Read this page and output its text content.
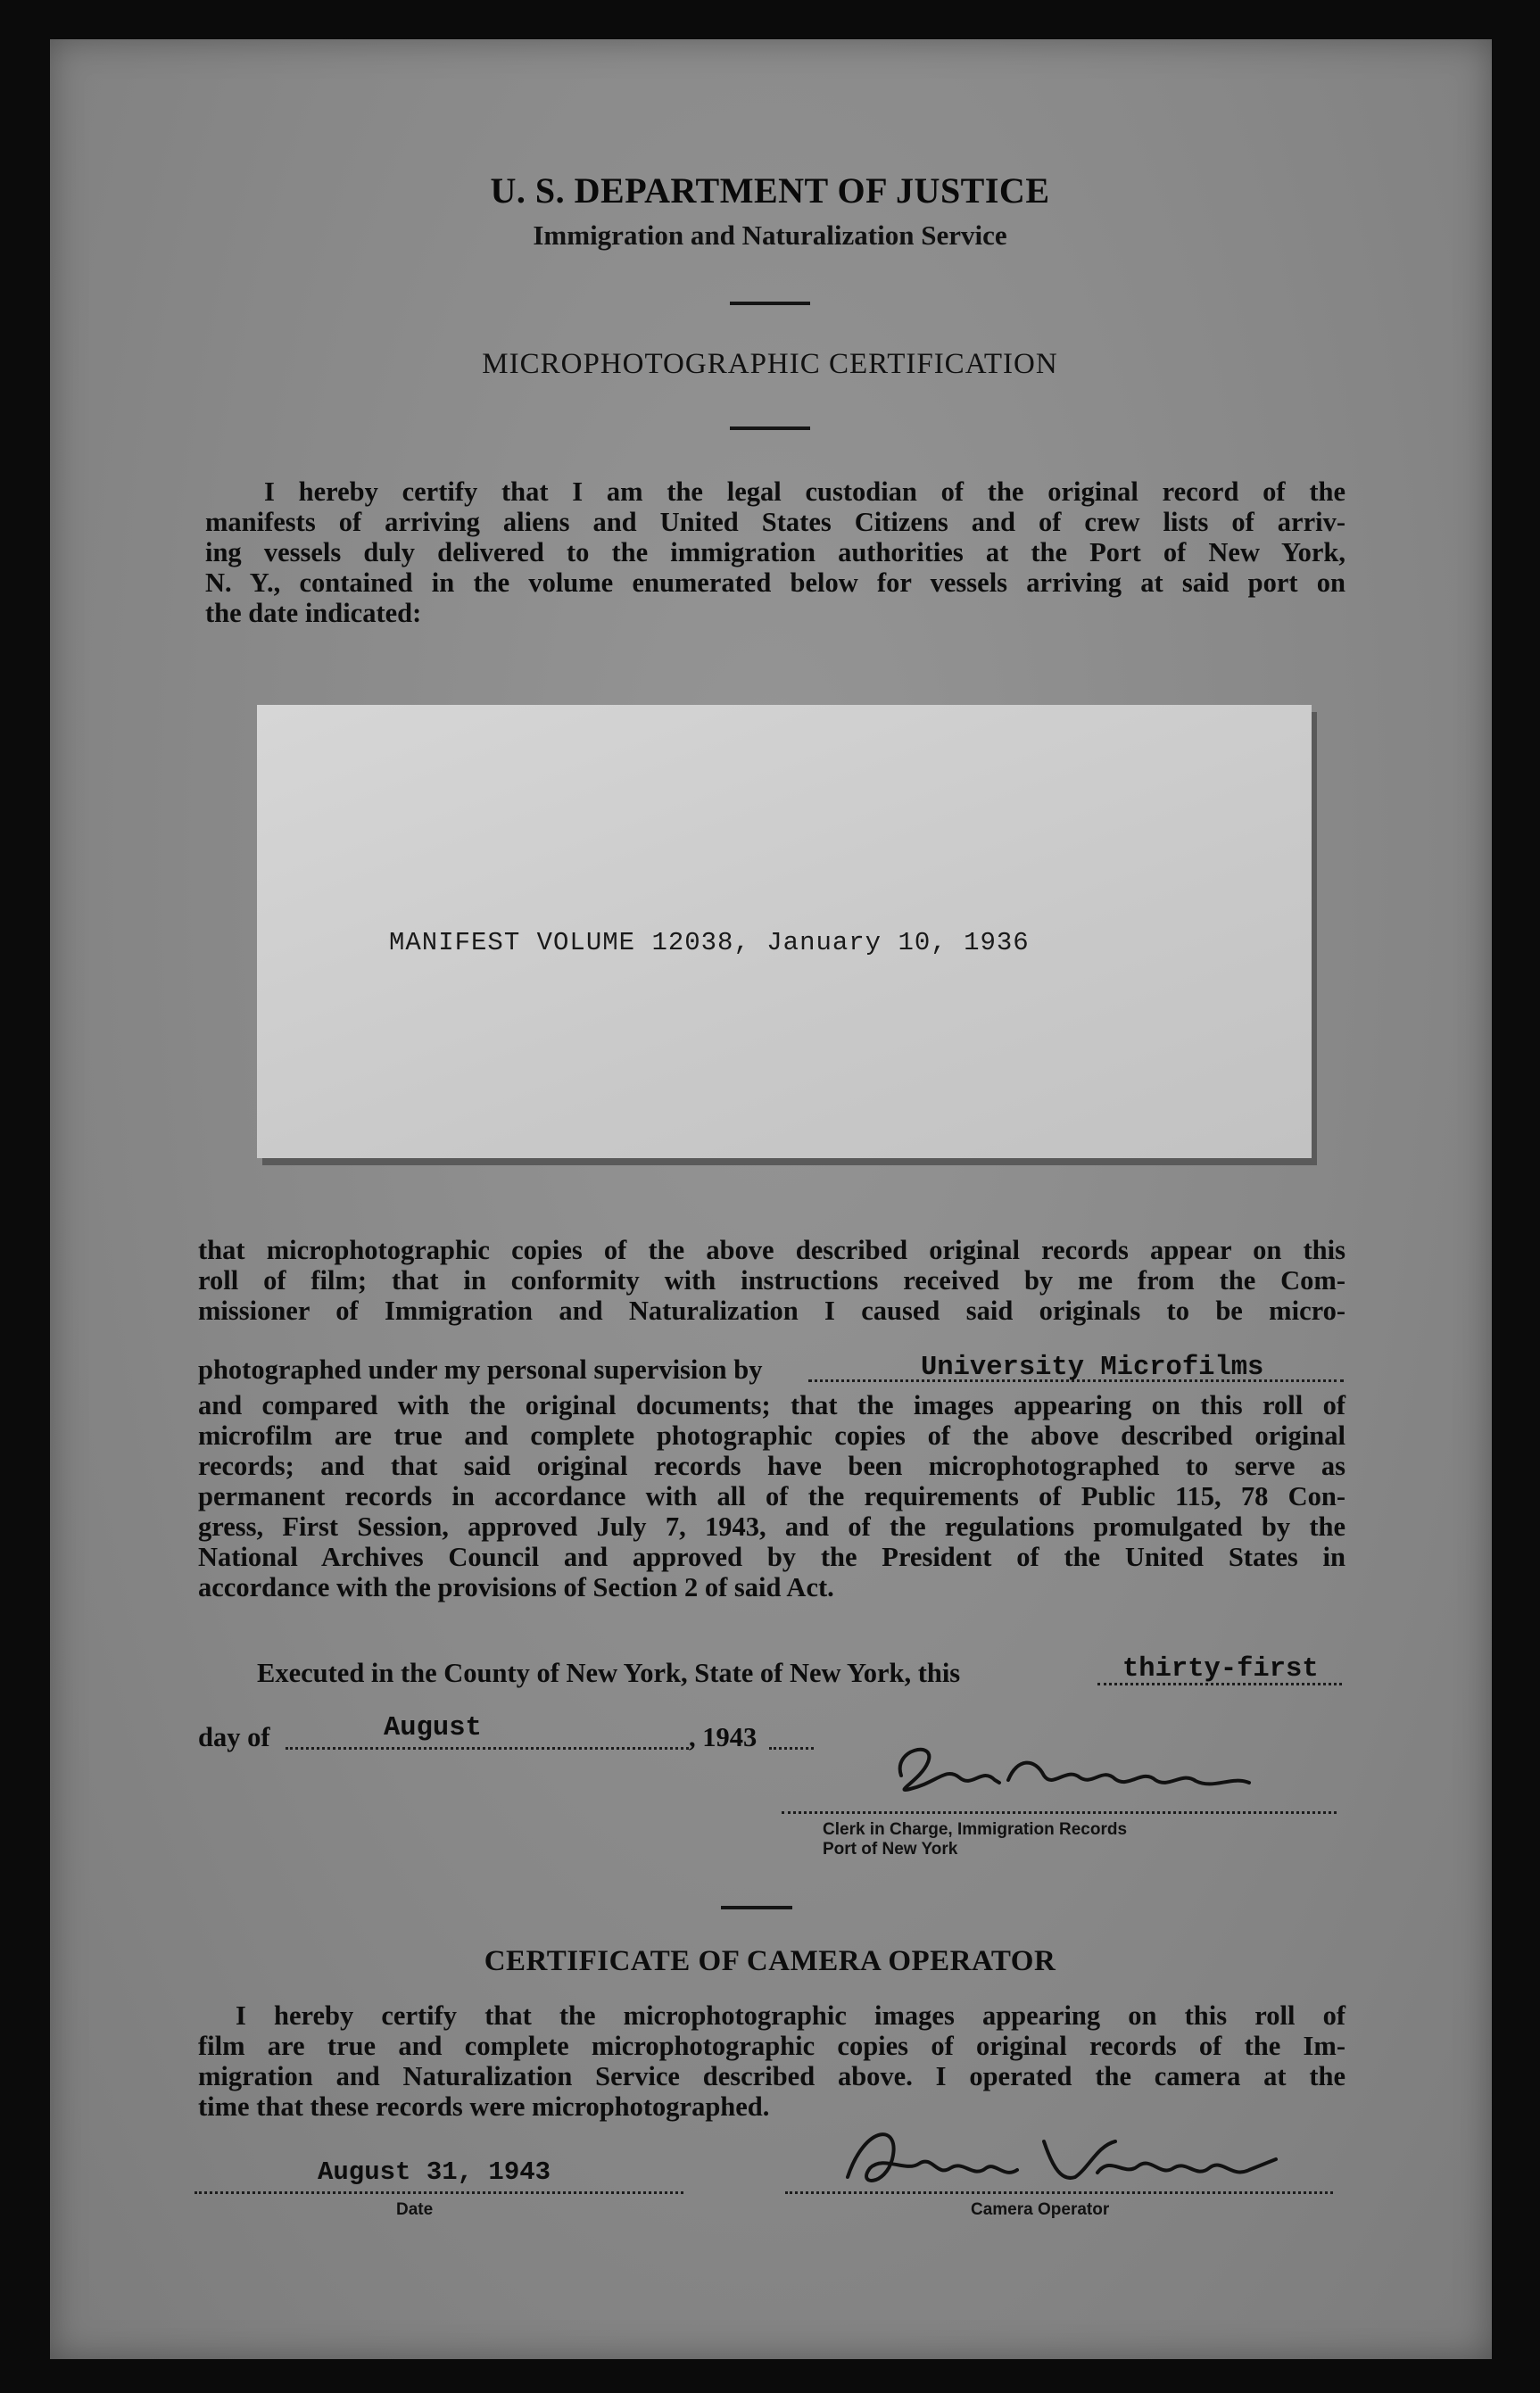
U. S. DEPARTMENT OF JUSTICE
Immigration and Naturalization Service
MICROPHOTOGRAPHIC CERTIFICATION
I hereby certify that I am the legal custodian of the original record of the
manifests of arriving aliens and United States Citizens and of crew lists of arriv-
ing vessels duly delivered to the immigration authorities at the Port of New York,
N. Y., contained in the volume enumerated below for vessels arriving at said port on
the date indicated:
MANIFEST VOLUME 12038, January 10, 1936
that microphotographic copies of the above described original records appear on this
roll of film; that in conformity with instructions received by me from the Com-
missioner of Immigration and Naturalization I caused said originals to be micro-
photographed under my personal supervision by	University Microfilms
and compared with the original documents; that the images appearing on this roll of
microfilm are true and complete photographic copies of the above described original
records; and that said original records have been microphotographed to serve as
permanent records in accordance with all of the requirements of Public 115, 78 Con-
gress, First Session, approved July 7, 1943, and of the regulations promulgated by the
National Archives Council and approved by the President of the United States in
accordance with the provisions of Section 2 of said Act.
Executed in the County of New York, State of New York, this	thirty-first
day of	August	, 1943
Clerk in Charge, Immigration Records
Port of New York
CERTIFICATE OF CAMERA OPERATOR
I hereby certify that the microphotographic images appearing on this roll of
film are true and complete microphotographic copies of original records of the Im-
migration and Naturalization Service described above. I operated the camera at the
time that these records were microphotographed.
August 31, 1943
Date	Camera Operator
